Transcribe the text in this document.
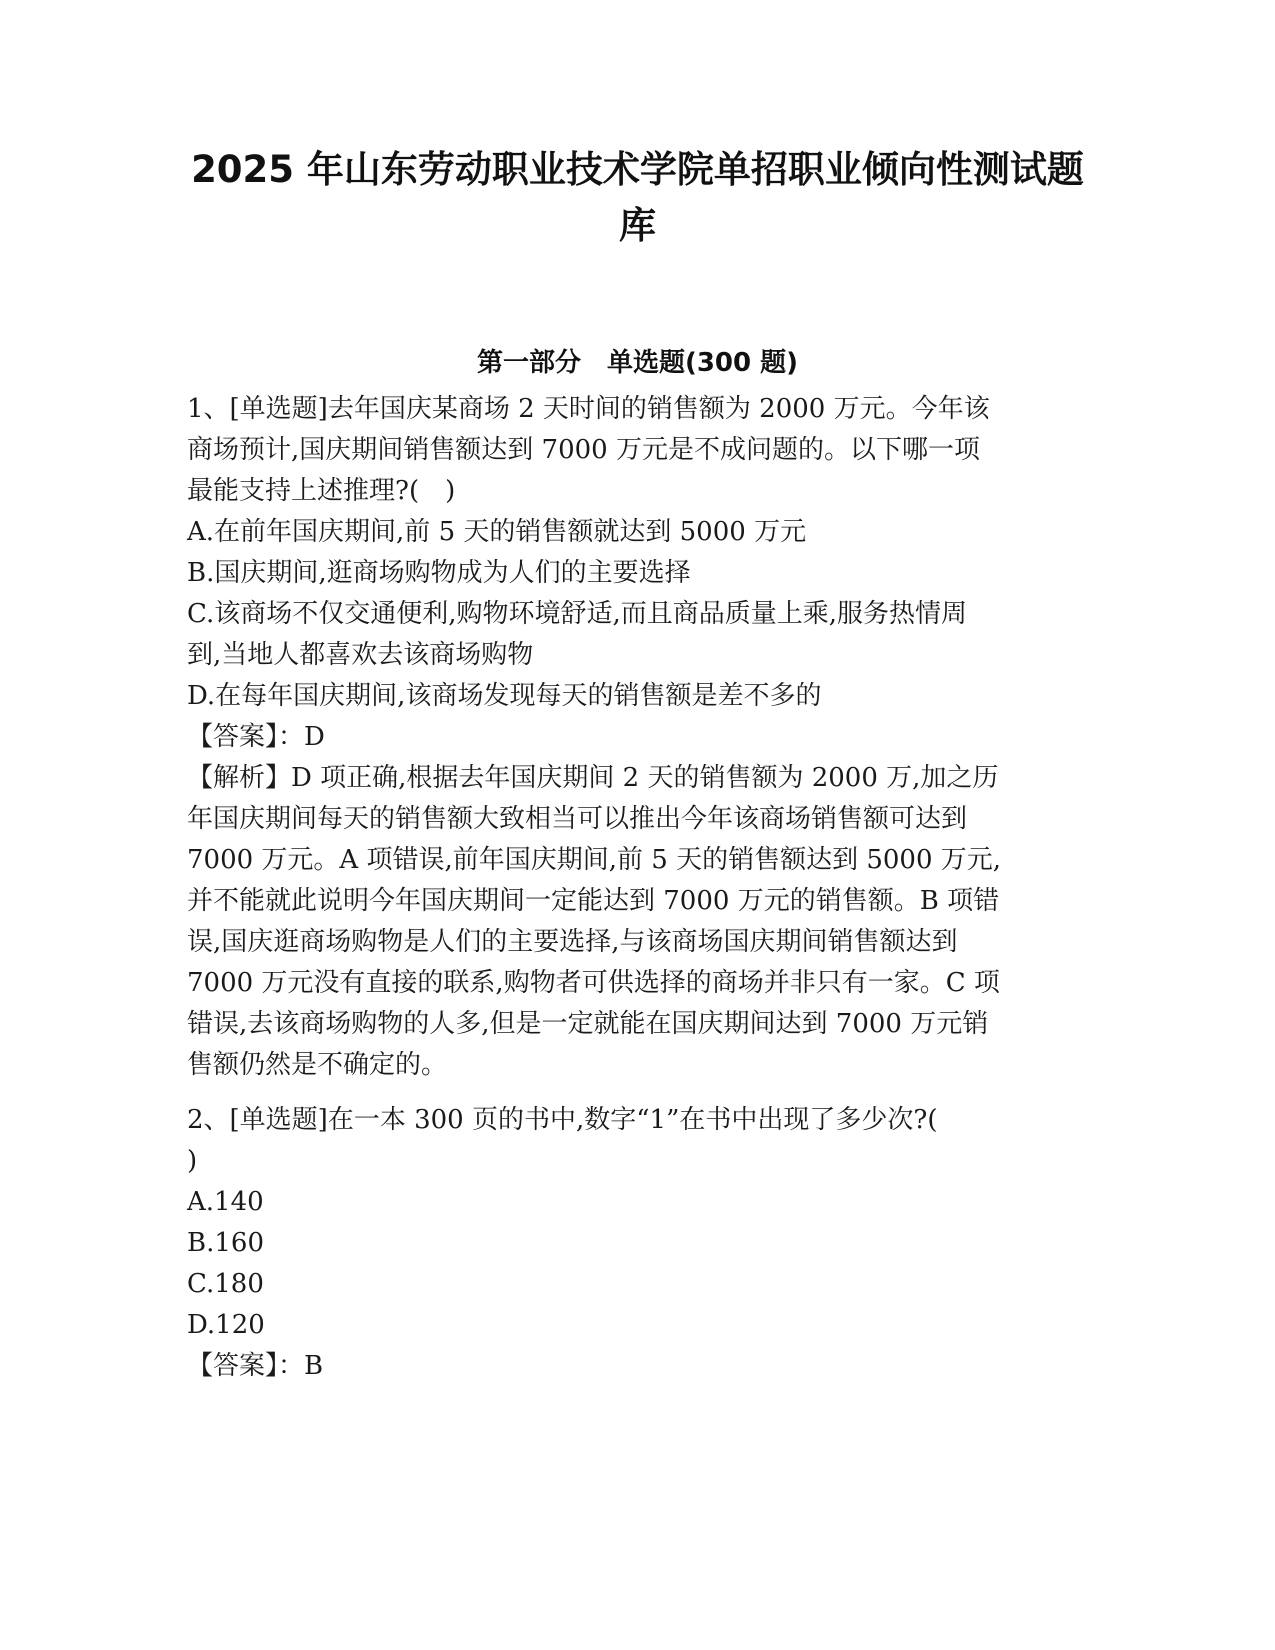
2025 年山东劳动职业技术学院单招职业倾向性测试题
库
第一部分　单选题(300 题)
1、[单选题]去年国庆某商场 2 天时间的销售额为 2000 万元。今年该
商场预计,国庆期间销售额达到 7000 万元是不成问题的。以下哪一项
最能支持上述推理?(　)
A.在前年国庆期间,前 5 天的销售额就达到 5000 万元
B.国庆期间,逛商场购物成为人们的主要选择
C.该商场不仅交通便利,购物环境舒适,而且商品质量上乘,服务热情周
到,当地人都喜欢去该商场购物
D.在每年国庆期间,该商场发现每天的销售额是差不多的
【答案】：D
【解析】D 项正确,根据去年国庆期间 2 天的销售额为 2000 万,加之历
年国庆期间每天的销售额大致相当可以推出今年该商场销售额可达到
7000 万元。A 项错误,前年国庆期间,前 5 天的销售额达到 5000 万元,
并不能就此说明今年国庆期间一定能达到 7000 万元的销售额。B 项错
误,国庆逛商场购物是人们的主要选择,与该商场国庆期间销售额达到
7000 万元没有直接的联系,购物者可供选择的商场并非只有一家。C 项
错误,去该商场购物的人多,但是一定就能在国庆期间达到 7000 万元销
售额仍然是不确定的。
2、[单选题]在一本 300 页的书中,数字“1”在书中出现了多少次?(
)
A.140
B.160
C.180
D.120
【答案】：B
